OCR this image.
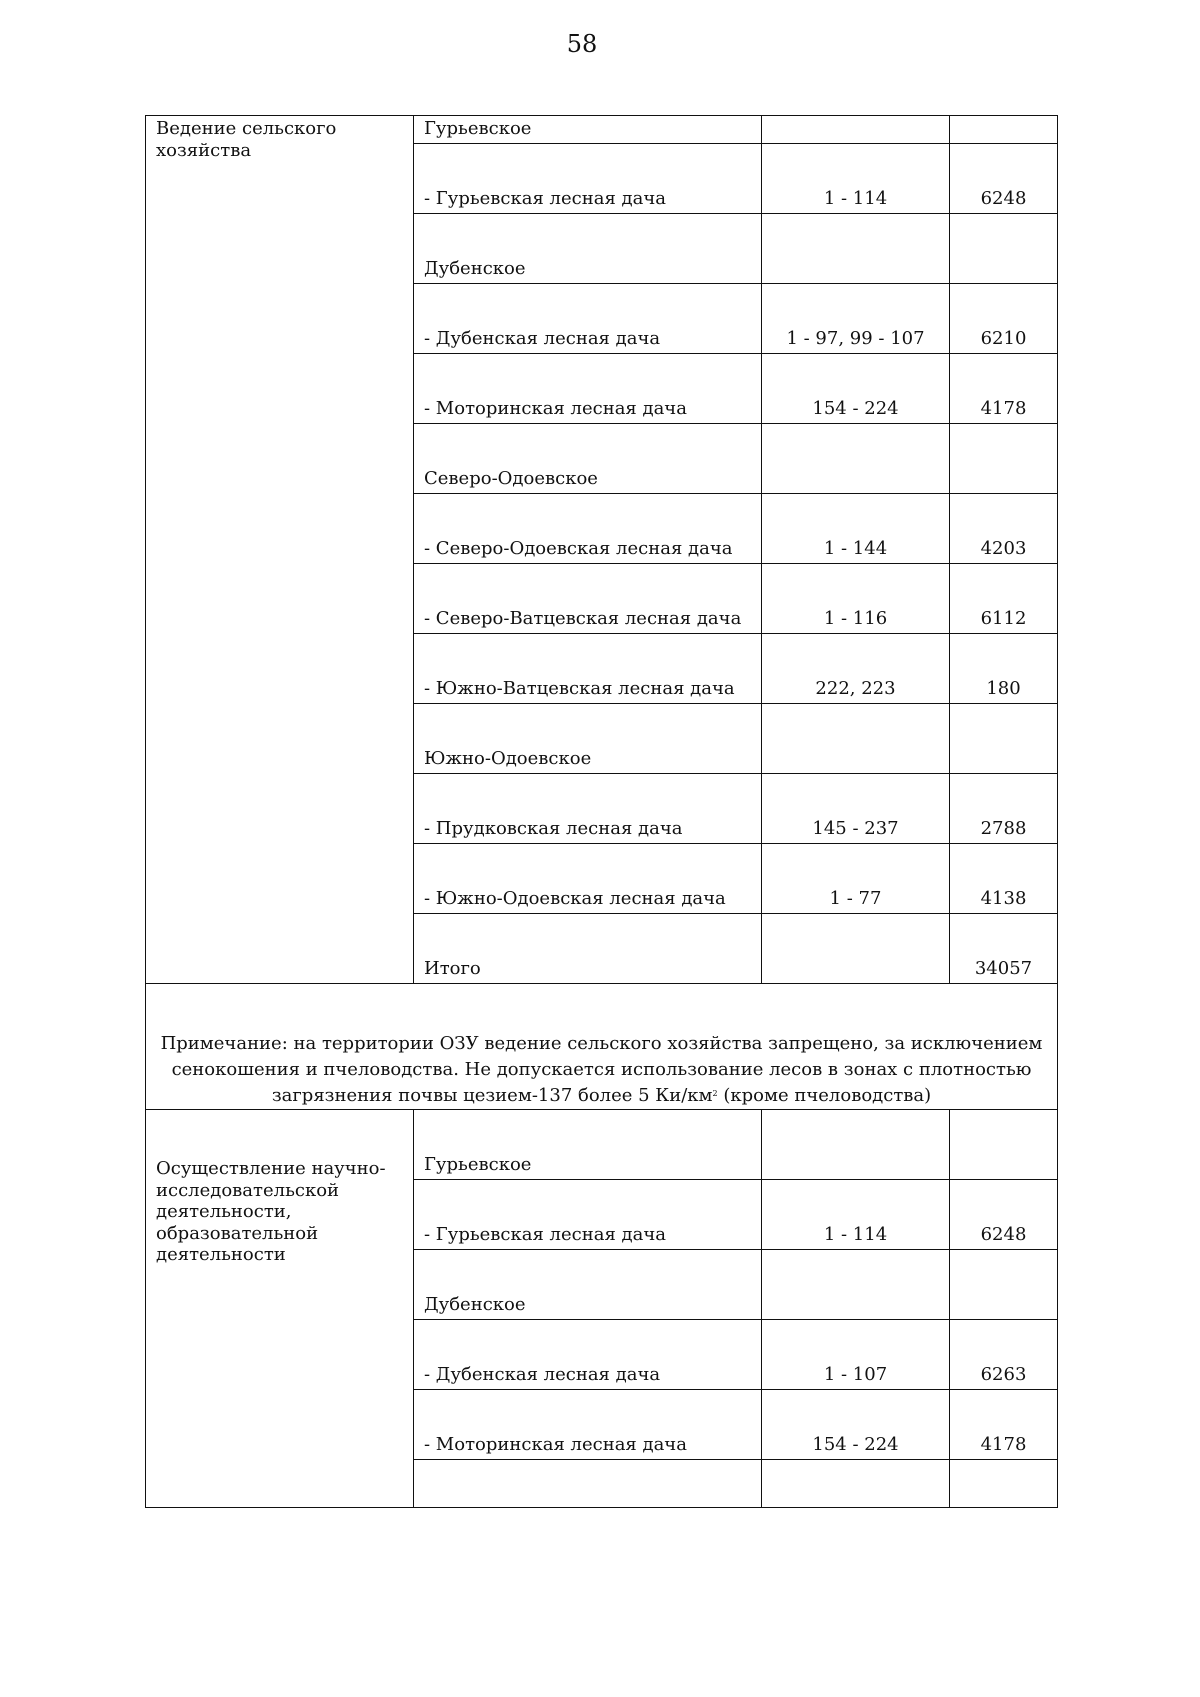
58
Ведение сельского хозяйства	Гурьевское		
	- Гурьевская лесная дача	1 - 114	6248
	Дубенское		
	- Дубенская лесная дача	1 - 97, 99 - 107	6210
	- Моторинская лесная дача	154 - 224	4178
	Северо-Одоевское		
	- Северо-Одоевская лесная дача	1 - 144	4203
	- Северо-Ватцевская лесная дача	1 - 116	6112
	- Южно-Ватцевская лесная дача	222, 223	180
	Южно-Одоевское		
	- Прудковская лесная дача	145 - 237	2788
	- Южно-Одоевская лесная дача	1 - 77	4138
	Итого		34057
Примечание: на территории ОЗУ ведение сельского хозяйства запрещено, за исключением сенокошения и пчеловодства. Не допускается использование лесов в зонах с плотностью загрязнения почвы цезием-137 более 5 $Ки/км^2$ (кроме пчеловодства)			
Осуществление научно-исследовательской деятельности, образовательной деятельности	Гурьевское		
	- Гурьевская лесная дача	1 - 114	6248
	Дубенское		
	- Дубенская лесная дача	1 - 107	6263
	- Моторинская лесная дача	154 - 224	4178
